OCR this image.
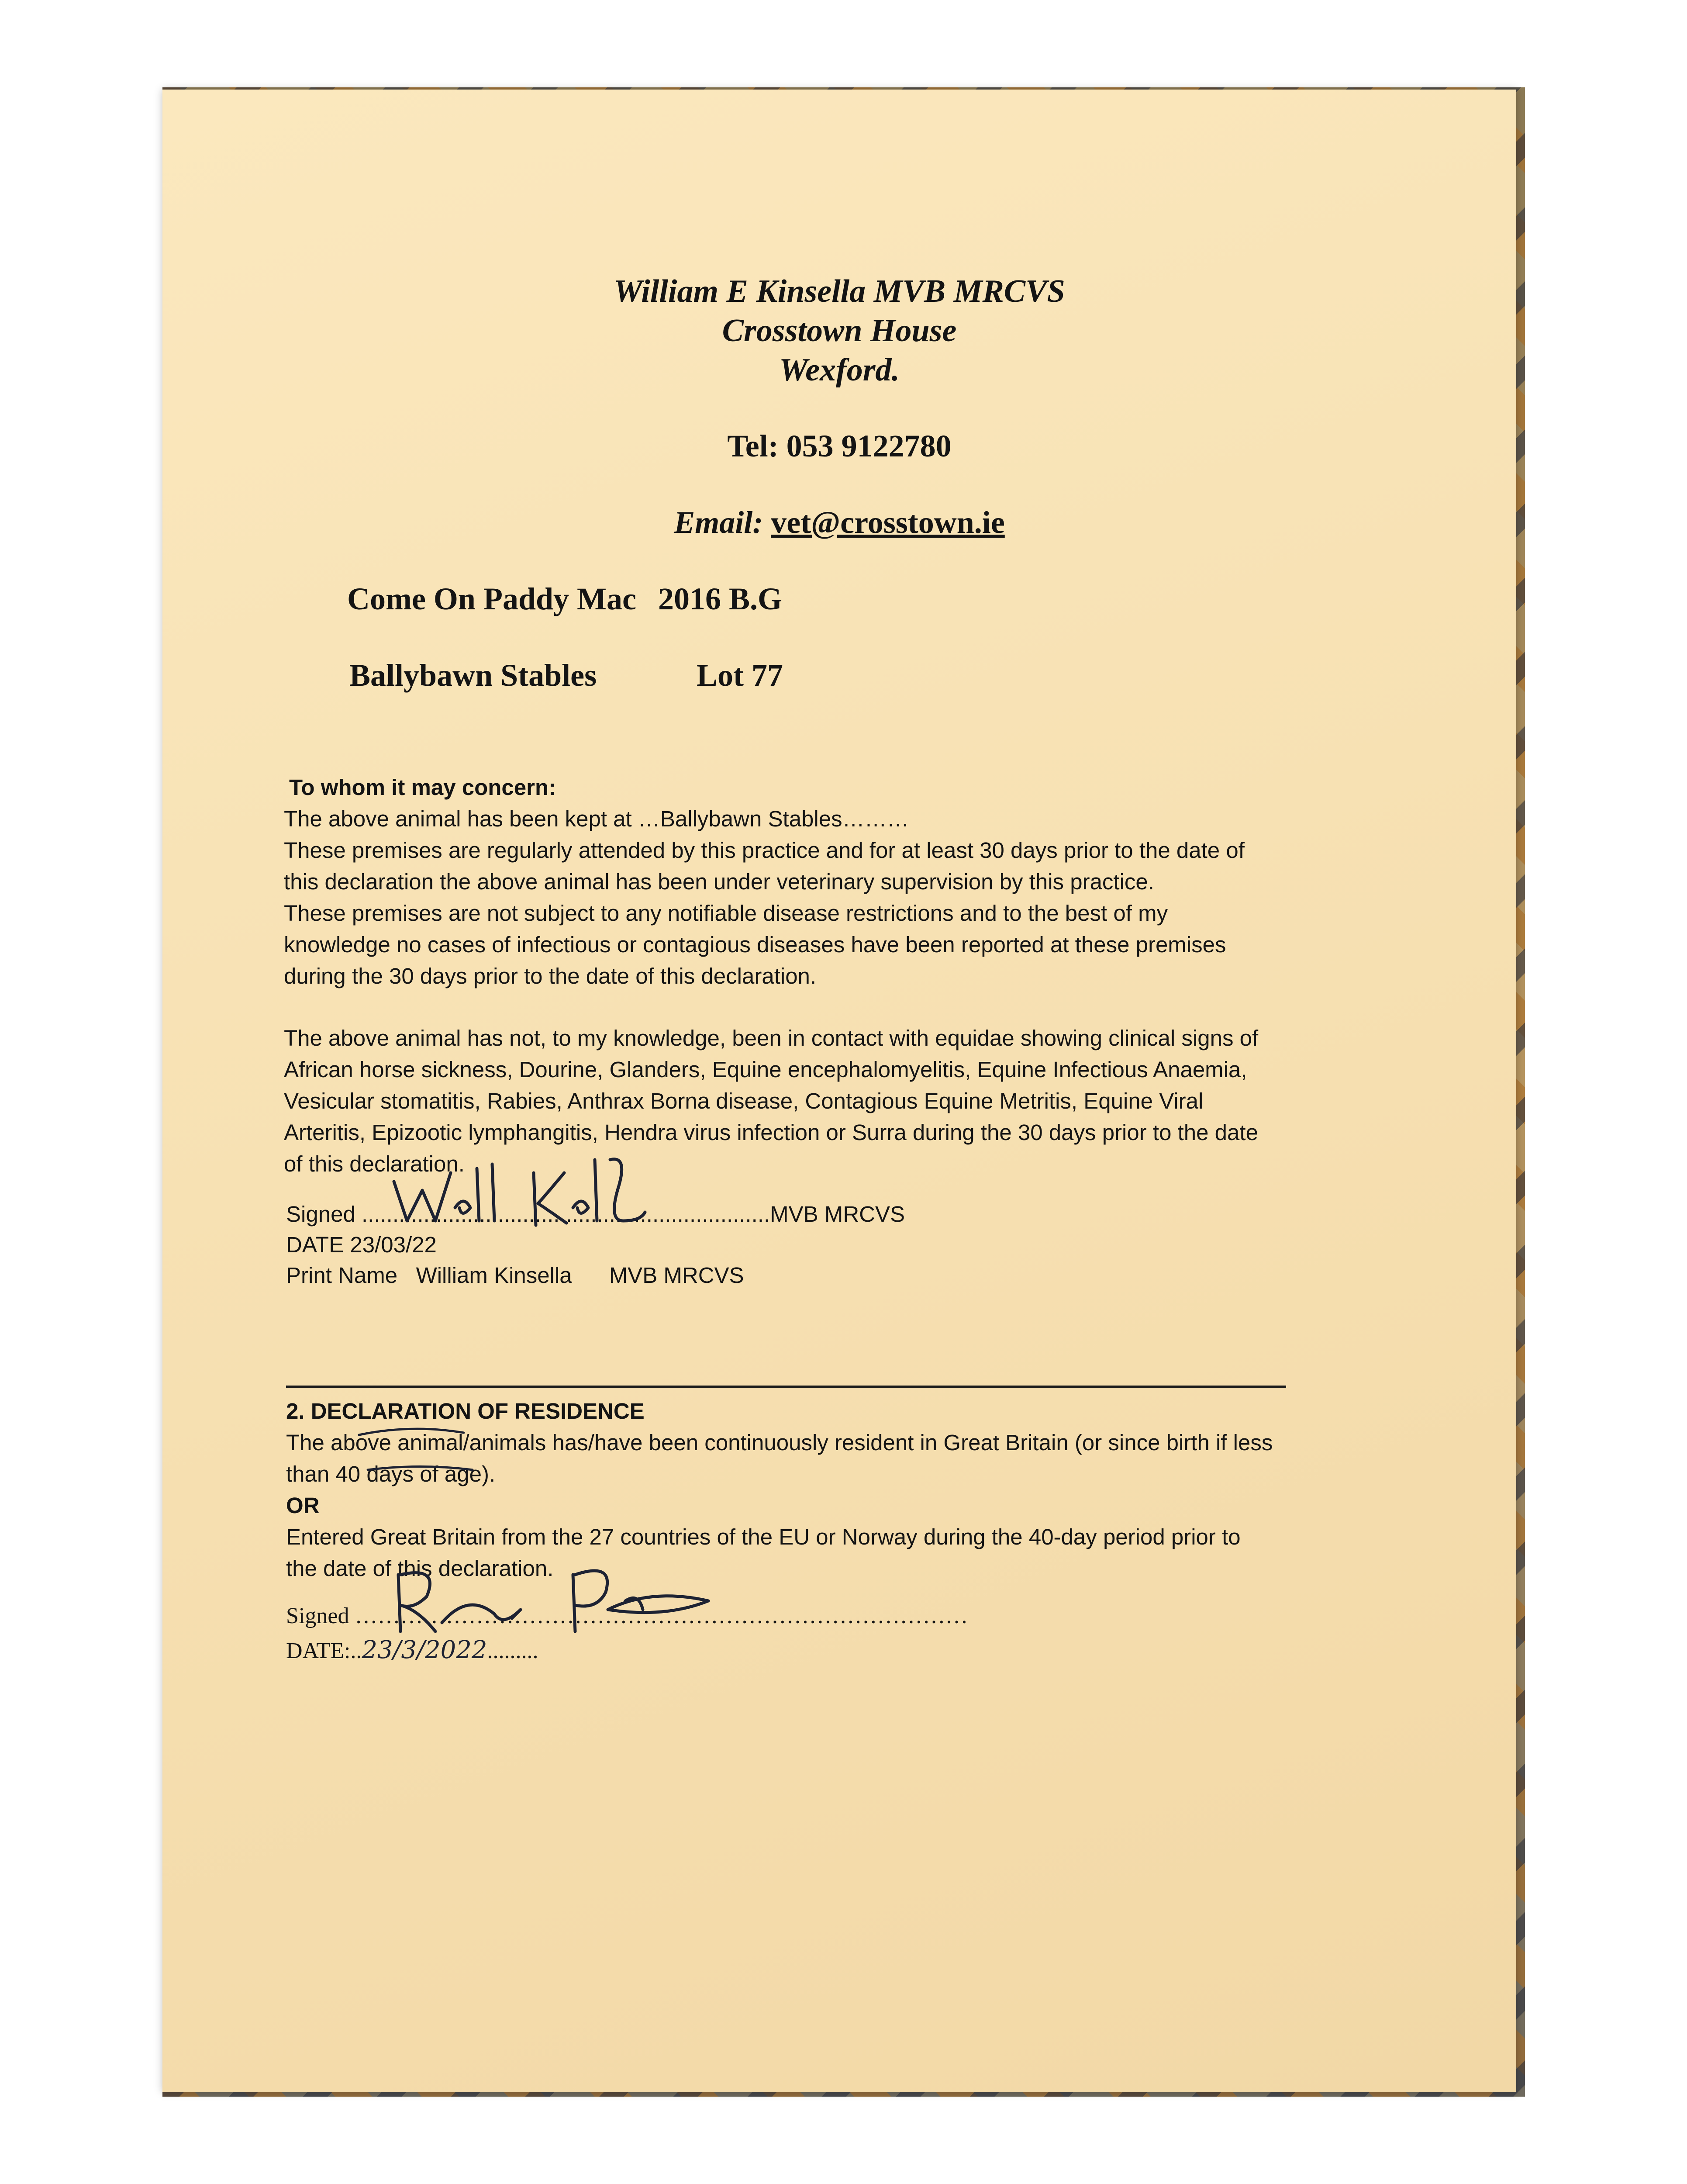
William E Kinsella MVB MRCVS
Crosstown House
Wexford.
Tel: 053 9122780
Email: vet@crosstown.ie
Come On Paddy Mac 2016 B.G
Ballybawn Stables	Lot 77

To whom it may concern:

The above animal has been kept at …Ballybawn Stables………

These premises are regularly attended by this practice and for at least 30 days prior to the date of

this declaration the above animal has been under veterinary supervision by this practice.

These premises are not subject to any notifiable disease restrictions and to the best of my

knowledge no cases of infectious or contagious diseases have been reported at these premises

during the 30 days prior to the date of this declaration.

The above animal has not, to my knowledge, been in contact with equidae showing clinical signs of

African horse sickness, Dourine, Glanders, Equine encephalomyelitis, Equine Infectious Anaemia,

Vesicular stomatitis, Rabies, Anthrax Borna disease, Contagious Equine Metritis, Equine Viral

Arteritis, Epizootic lymphangitis, Hendra virus infection or Surra during the 30 days prior to the date

of this declaration.

Signed ..................................................................MVB MRCVS
DATE 23/03/22
Print Name William Kinsella MVB MRCVS

2. DECLARATION OF RESIDENCE

The above animal/animals has/have been continuously resident in Great Britain (or since birth if less

than 40 days of age).

OR

Entered Great Britain from the 27 countries of the EU or Norway during the 40-day period prior to

the date of this declaration.

Signed ………………………………………………………………………
DATE:..23/3/2022.........
